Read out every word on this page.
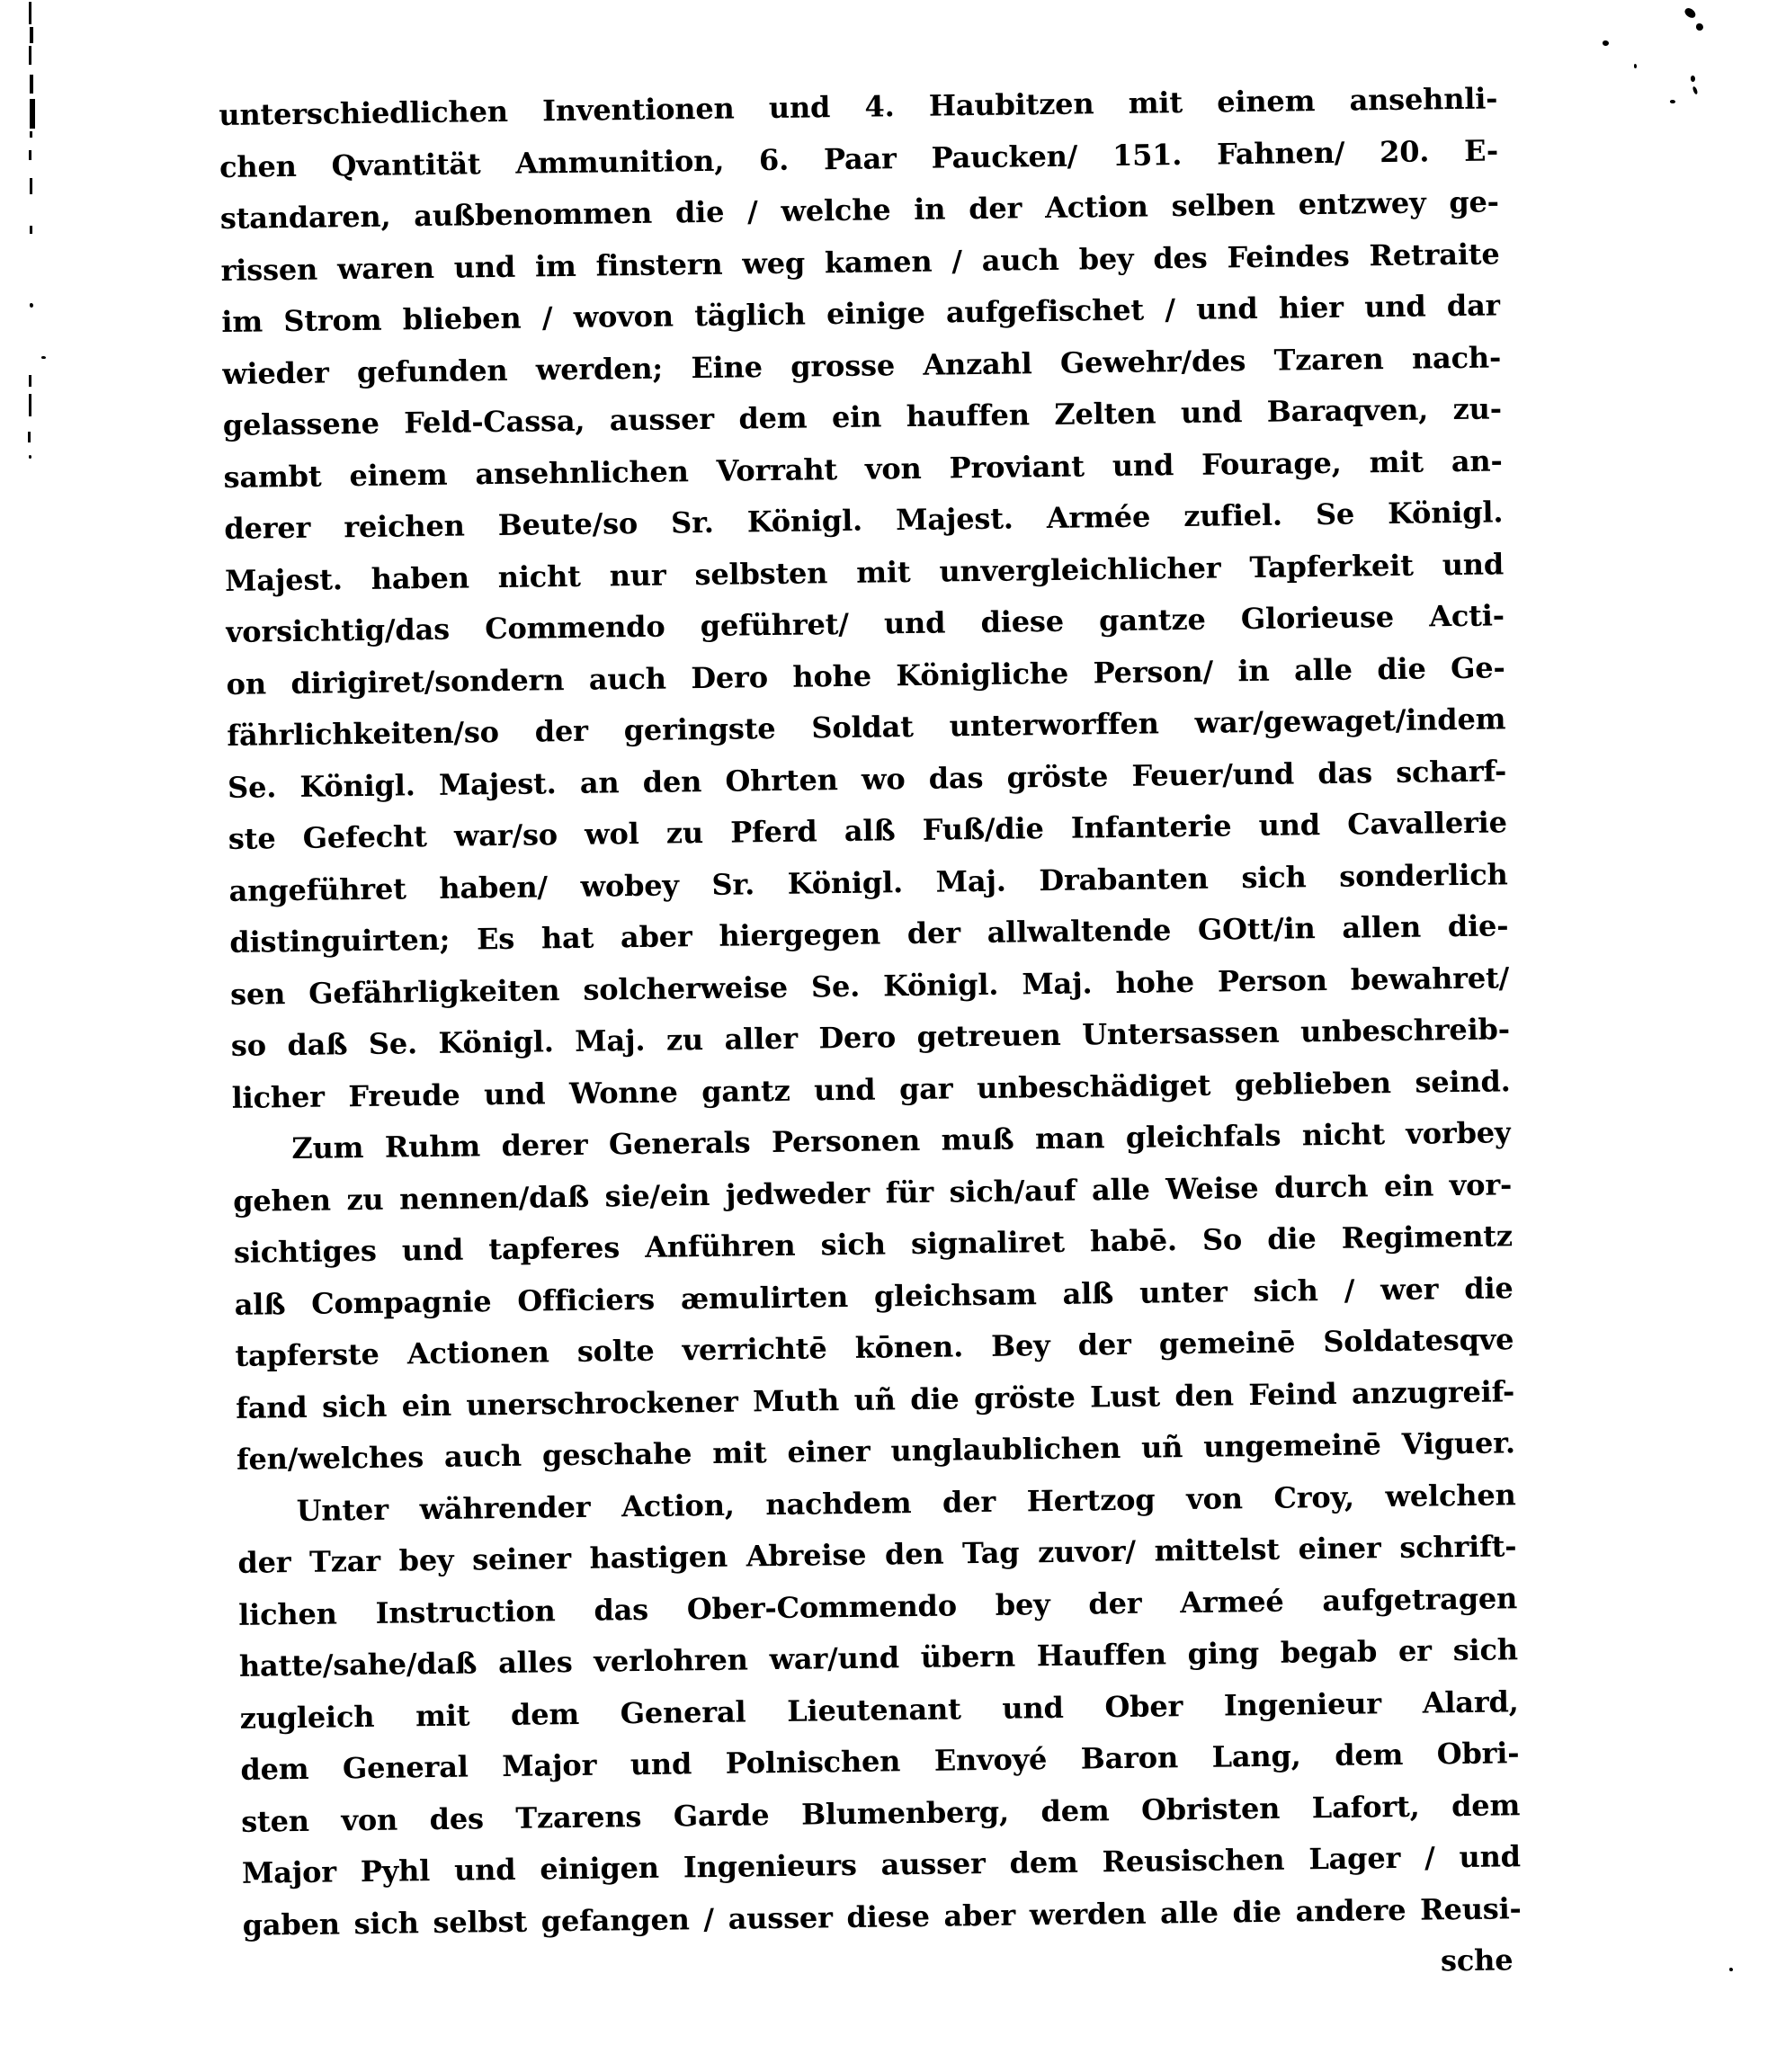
unterschiedlichen Inventionen und 4. Haubitzen mit einem ansehnli-
chen Qvantität Ammunition, 6. Paar Paucken/ 151. Fahnen/ 20. E-
standaren, außbenommen die / welche in der Action selben entzwey ge-
rissen waren und im finstern weg kamen / auch bey des Feindes Retraite
im Strom blieben / wovon täglich einige aufgefischet / und hier und dar
wieder gefunden werden; Eine grosse Anzahl Gewehr/des Tzaren nach-
gelassene Feld-Cassa, ausser dem ein hauffen Zelten und Baraqven, zu-
sambt einem ansehnlichen Vorraht von Proviant und Fourage, mit an-
derer reichen Beute/so Sr. Königl. Majest. Armée zufiel. Se Königl.
Majest. haben nicht nur selbsten mit unvergleichlicher Tapferkeit und
vorsichtig/das Commendo geführet/ und diese gantze Glorieuse Acti-
on dirigiret/sondern auch Dero hohe Königliche Person/ in alle die Ge-
fährlichkeiten/so der geringste Soldat unterworffen war/gewaget/indem
Se. Königl. Majest. an den Ohrten wo das gröste Feuer/und das scharf-
ste Gefecht war/so wol zu Pferd alß Fuß/die Infanterie und Cavallerie
angeführet haben/ wobey Sr. Königl. Maj. Drabanten sich sonderlich
distinguirten; Es hat aber hiergegen der allwaltende GOtt/in allen die-
sen Gefährligkeiten solcherweise Se. Königl. Maj. hohe Person bewahret/
so daß Se. Königl. Maj. zu aller Dero getreuen Untersassen unbeschreib-
licher Freude und Wonne gantz und gar unbeschädiget geblieben seind.
Zum Ruhm derer Generals Personen muß man gleichfals nicht vorbey
gehen zu nennen/daß sie/ein jedweder für sich/auf alle Weise durch ein vor-
sichtiges und tapferes Anführen sich signaliret habē. So die Regimentz
alß Compagnie Officiers æmulirten gleichsam alß unter sich / wer die
tapferste Actionen solte verrichtē kōnen. Bey der gemeinē Soldatesqve
fand sich ein unerschrockener Muth uñ die gröste Lust den Feind anzugreif-
fen/welches auch geschahe mit einer unglaublichen uñ ungemeinē Viguer.
Unter währender Action, nachdem der Hertzog von Croy, welchen
der Tzar bey seiner hastigen Abreise den Tag zuvor/ mittelst einer schrift-
lichen Instruction das Ober-Commendo bey der Armeé aufgetragen
hatte/sahe/daß alles verlohren war/und übern Hauffen ging begab er sich
zugleich mit dem General Lieutenant und Ober Ingenieur Alard,
dem General Major und Polnischen Envoyé Baron Lang, dem Obri-
sten von des Tzarens Garde Blumenberg, dem Obristen Lafort, dem
Major Pyhl und einigen Ingenieurs ausser dem Reusischen Lager / und
gaben sich selbst gefangen / ausser diese aber werden alle die andere Reusi-
sche
